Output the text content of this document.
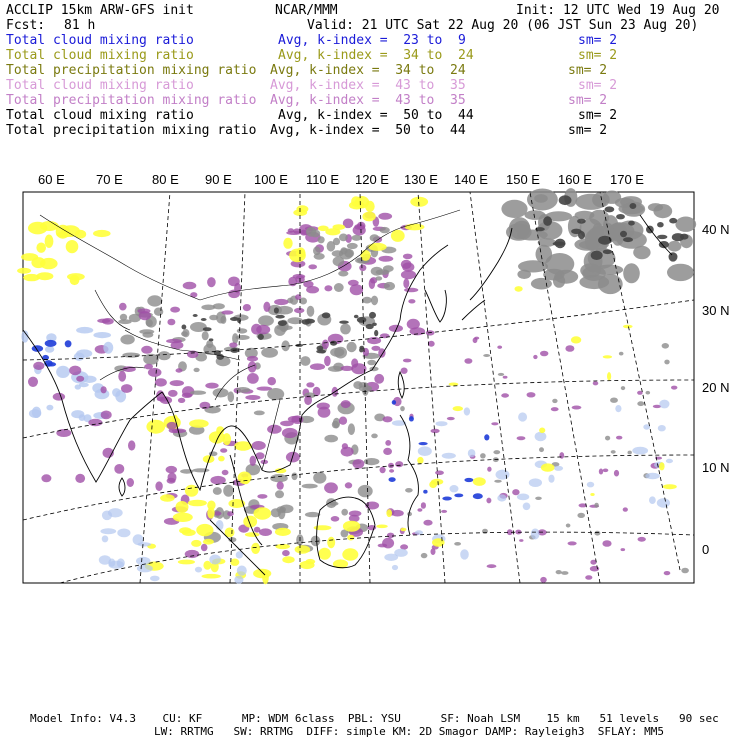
ACCLIP 15km ARW-GFS init	NCAR/MMM	Init: 12 UTC Wed 19 Aug 20
Fcst: 81 h	Valid: 21 UTC Sat 22 Aug 20 (06 JST Sun 23 Aug 20)
Total cloud mixing ratio	Avg, k-index =  23 to  9	sm= 2
Total cloud mixing ratio	Avg, k-index =  34 to  24	sm= 2
Total precipitation mixing ratio Avg, k-index =  34 to  24	sm= 2
Total cloud mixing ratio	Avg, k-index =  43 to  35	sm= 2
Total precipitation mixing ratio Avg, k-index =  43 to  35	sm= 2
Total cloud mixing ratio	Avg, k-index =  50 to  44	sm= 2
Total precipitation mixing ratio Avg, k-index =  50 to  44	sm= 2
60 E 70 E 80 E 90 E 100 E 110 E 120 E 130 E 140 E 150 E 160 E 170 E
40 N
30 N
20 N
10 N
0
Model Info: V4.3    CU: KF      MP: WDM 6class  PBL: YSU      SF: Noah LSM    15 km   51 levels   90 sec
LW: RRTMG   SW: RRTMG  DIFF: simple KM: 2D Smagor DAMP: Rayleigh3  SFLAY: MM5
